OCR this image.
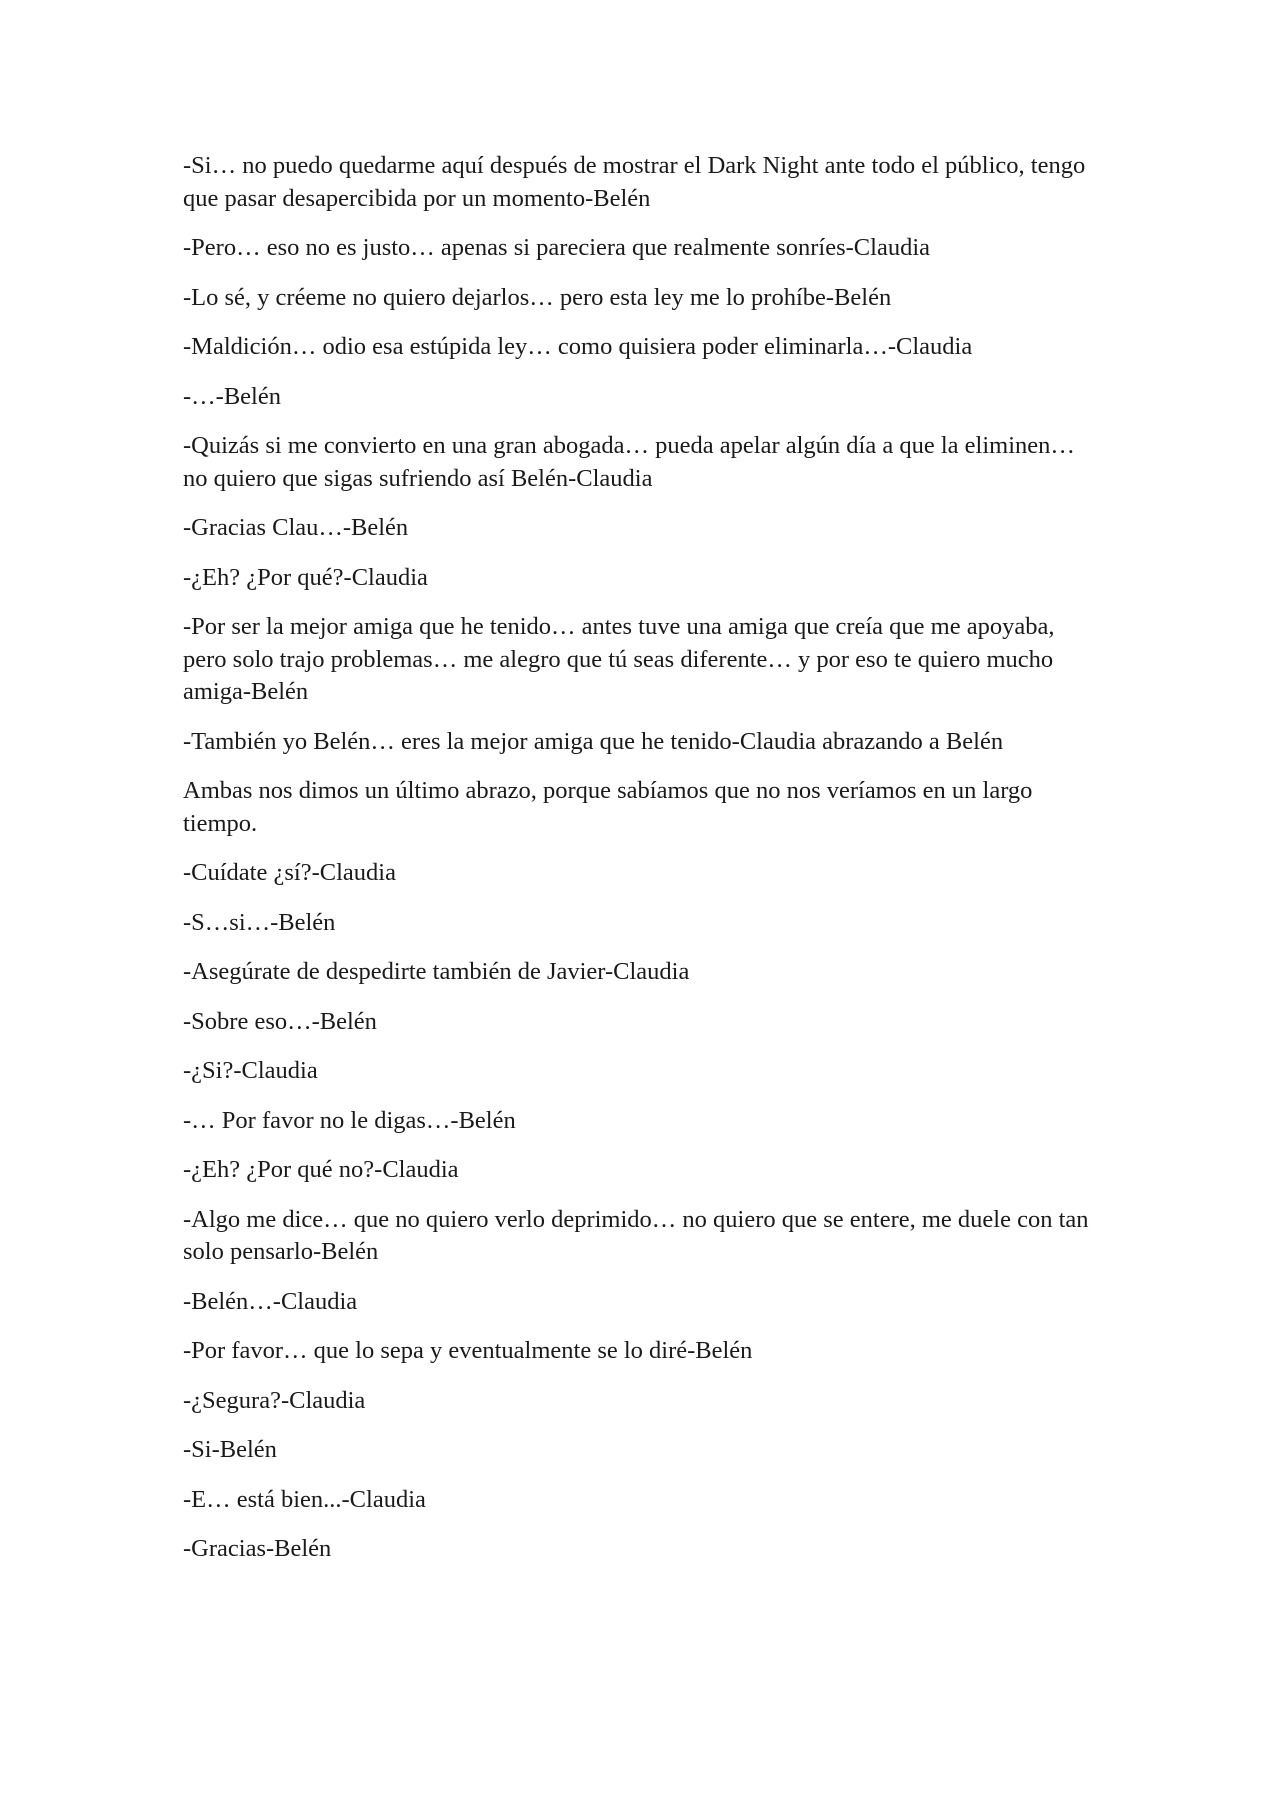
-Si… no puedo quedarme aquí después de mostrar el Dark Night ante todo el público, tengo que pasar desapercibida por un momento-Belén

-Pero… eso no es justo… apenas si pareciera que realmente sonríes-Claudia

-Lo sé, y créeme no quiero dejarlos… pero esta ley me lo prohíbe-Belén

-Maldición… odio esa estúpida ley… como quisiera poder eliminarla…-Claudia

-…-Belén

-Quizás si me convierto en una gran abogada… pueda apelar algún día a que la eliminen… no quiero que sigas sufriendo así Belén-Claudia

-Gracias Clau…-Belén

-¿Eh? ¿Por qué?-Claudia

-Por ser la mejor amiga que he tenido… antes tuve una amiga que creía que me apoyaba, pero solo trajo problemas… me alegro que tú seas diferente… y por eso te quiero mucho amiga-Belén

-También yo Belén… eres la mejor amiga que he tenido-Claudia abrazando a Belén

Ambas nos dimos un último abrazo, porque sabíamos que no nos veríamos en un largo tiempo.

-Cuídate ¿sí?-Claudia

-S…si…-Belén

-Asegúrate de despedirte también de Javier-Claudia

-Sobre eso…-Belén

-¿Si?-Claudia

-… Por favor no le digas…-Belén

-¿Eh? ¿Por qué no?-Claudia

-Algo me dice… que no quiero verlo deprimido… no quiero que se entere, me duele con tan solo pensarlo-Belén

-Belén…-Claudia

-Por favor… que lo sepa y eventualmente se lo diré-Belén

-¿Segura?-Claudia

-Si-Belén

-E… está bien...-Claudia

-Gracias-Belén
